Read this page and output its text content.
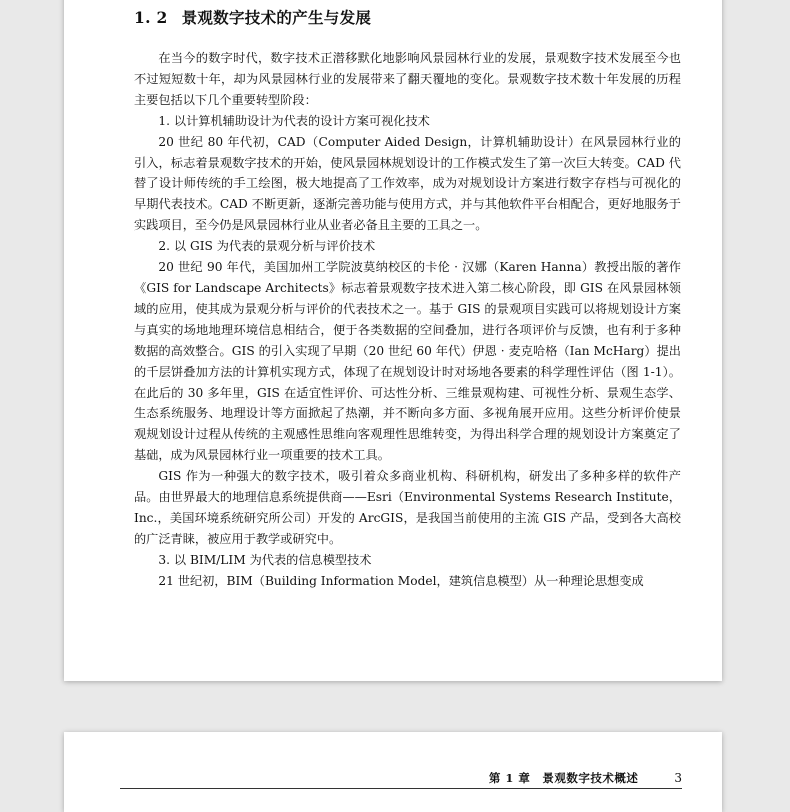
1. 2 景观数字技术的产生与发展

在当今的数字时代，数字技术正潜移默化地影响风景园林行业的发展，景观数字技术发展至今也不过短短数十年，却为风景园林行业的发展带来了翻天覆地的变化。景观数字技术数十年发展的历程主要包括以下几个重要转型阶段：

1. 以计算机辅助设计为代表的设计方案可视化技术

20 世纪 80 年代初，CAD（Computer Aided Design，计算机辅助设计）在风景园林行业的引入，标志着景观数字技术的开始，使风景园林规划设计的工作模式发生了第一次巨大转变。CAD 代替了设计师传统的手工绘图，极大地提高了工作效率，成为对规划设计方案进行数字存档与可视化的早期代表技术。CAD 不断更新，逐渐完善功能与使用方式，并与其他软件平台相配合，更好地服务于实践项目，至今仍是风景园林行业从业者必备且主要的工具之一。

2. 以 GIS 为代表的景观分析与评价技术

20 世纪 90 年代，美国加州工学院波莫纳校区的卡伦 · 汉娜（Karen Hanna）教授出版的著作《GIS for Landscape Architects》标志着景观数字技术进入第二核心阶段，即 GIS 在风景园林领域的应用，使其成为景观分析与评价的代表技术之一。基于 GIS 的景观项目实践可以将规划设计方案与真实的场地地理环境信息相结合，便于各类数据的空间叠加，进行各项评价与反馈，也有利于多种数据的高效整合。GIS 的引入实现了早期（20 世纪 60 年代）伊恩 · 麦克哈格（Ian McHarg）提出的千层饼叠加方法的计算机实现方式，体现了在规划设计时对场地各要素的科学理性评估（图 1-1）。在此后的 30 多年里，GIS 在适宜性评价、可达性分析、三维景观构建、可视性分析、景观生态学、生态系统服务、地理设计等方面掀起了热潮，并不断向多方面、多视角展开应用。这些分析评价使景观规划设计过程从传统的主观感性思维向客观理性思维转变，为得出科学合理的规划设计方案奠定了基础，成为风景园林行业一项重要的技术工具。

GIS 作为一种强大的数字技术，吸引着众多商业机构、科研机构，研发出了多种多样的软件产品。由世界最大的地理信息系统提供商——Esri（Environmental Systems Research Institute，Inc.，美国环境系统研究所公司）开发的 ArcGIS，是我国当前使用的主流 GIS 产品，受到各大高校的广泛青睐，被应用于教学或研究中。

3. 以 BIM/LIM 为代表的信息模型技术

21 世纪初，BIM（Building Information Model，建筑信息模型）从一种理论思想变成

第 1 章　景观数字技术概述	3
